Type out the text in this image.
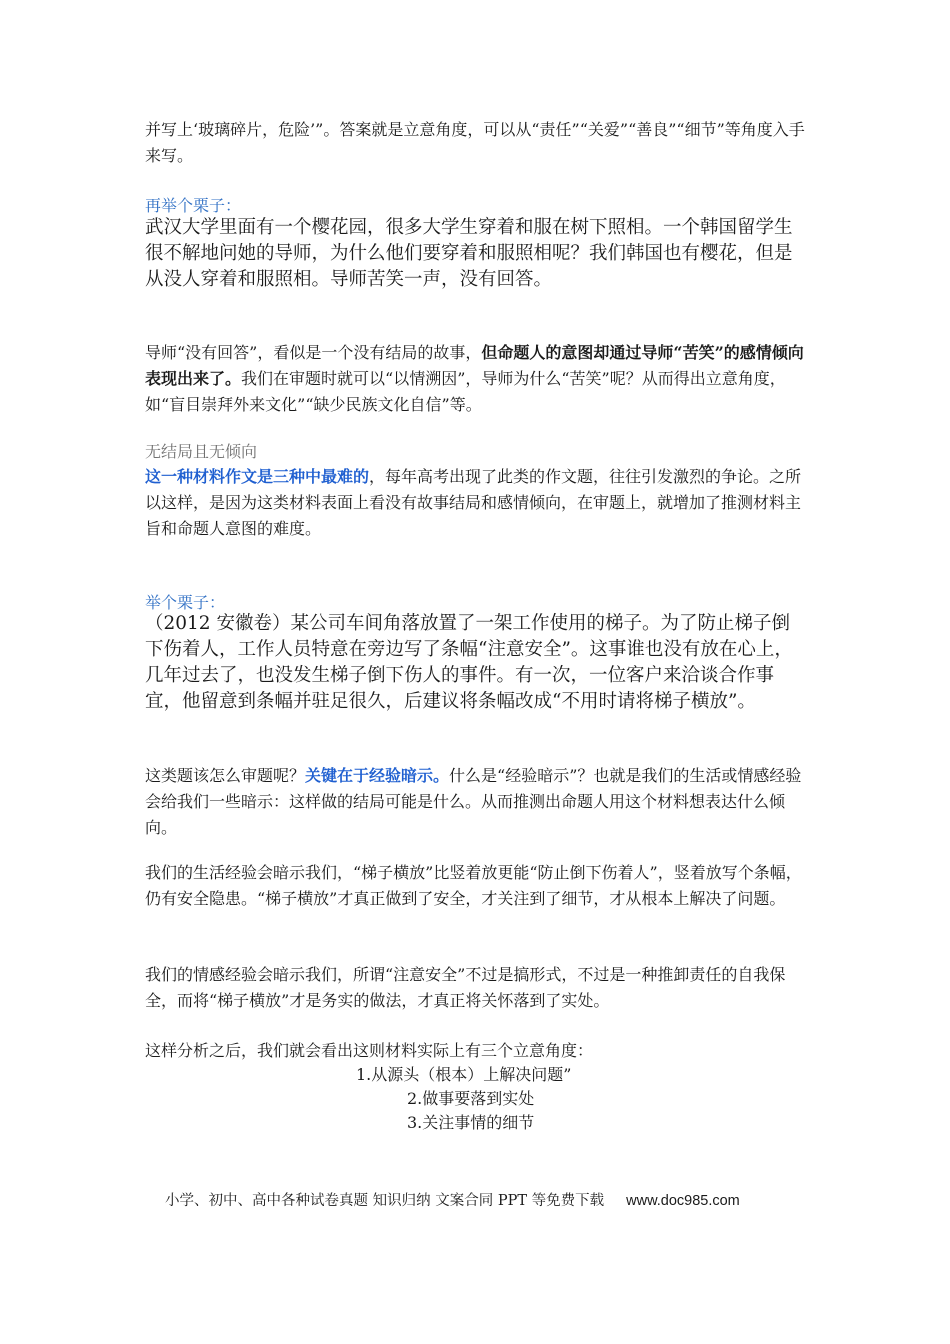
并写上‘玻璃碎片，危险’”。答案就是立意角度，可以从“责任”“关爱”“善良”“细节”等角度入手来写。

再举个栗子：

武汉大学里面有一个樱花园，很多大学生穿着和服在树下照相。一个韩国留学生很不解地问她的导师，为什么他们要穿着和服照相呢？我们韩国也有樱花，但是从没人穿着和服照相。导师苦笑一声，没有回答。

导师“没有回答”，看似是一个没有结局的故事，但命题人的意图却通过导师“苦笑”的感情倾向表现出来了。我们在审题时就可以“以情溯因”，导师为什么“苦笑”呢？从而得出立意角度，如“盲目崇拜外来文化”“缺少民族文化自信”等。

无结局且无倾向

这一种材料作文是三种中最难的，每年高考出现了此类的作文题，往往引发激烈的争论。之所以这样，是因为这类材料表面上看没有故事结局和感情倾向，在审题上，就增加了推测材料主旨和命题人意图的难度。

举个栗子：

（2012 安徽卷）某公司车间角落放置了一架工作使用的梯子。为了防止梯子倒下伤着人，工作人员特意在旁边写了条幅“注意安全”。这事谁也没有放在心上，几年过去了，也没发生梯子倒下伤人的事件。有一次，一位客户来洽谈合作事宜，他留意到条幅并驻足很久，后建议将条幅改成“不用时请将梯子横放”。

这类题该怎么审题呢？关键在于经验暗示。什么是“经验暗示”？也就是我们的生活或情感经验会给我们一些暗示：这样做的结局可能是什么。从而推测出命题人用这个材料想表达什么倾向。

我们的生活经验会暗示我们，“梯子横放”比竖着放更能“防止倒下伤着人”，竖着放写个条幅，仍有安全隐患。“梯子横放”才真正做到了安全，才关注到了细节，才从根本上解决了问题。

我们的情感经验会暗示我们，所谓“注意安全”不过是搞形式，不过是一种推卸责任的自我保全，而将“梯子横放”才是务实的做法，才真正将关怀落到了实处。

这样分析之后，我们就会看出这则材料实际上有三个立意角度：

1.从源头（根本）上解决问题”

2.做事要落到实处

3.关注事情的细节

小学、初中、高中各种试卷真题 知识归纳 文案合同 PPT 等免费下载 www.doc985.com
